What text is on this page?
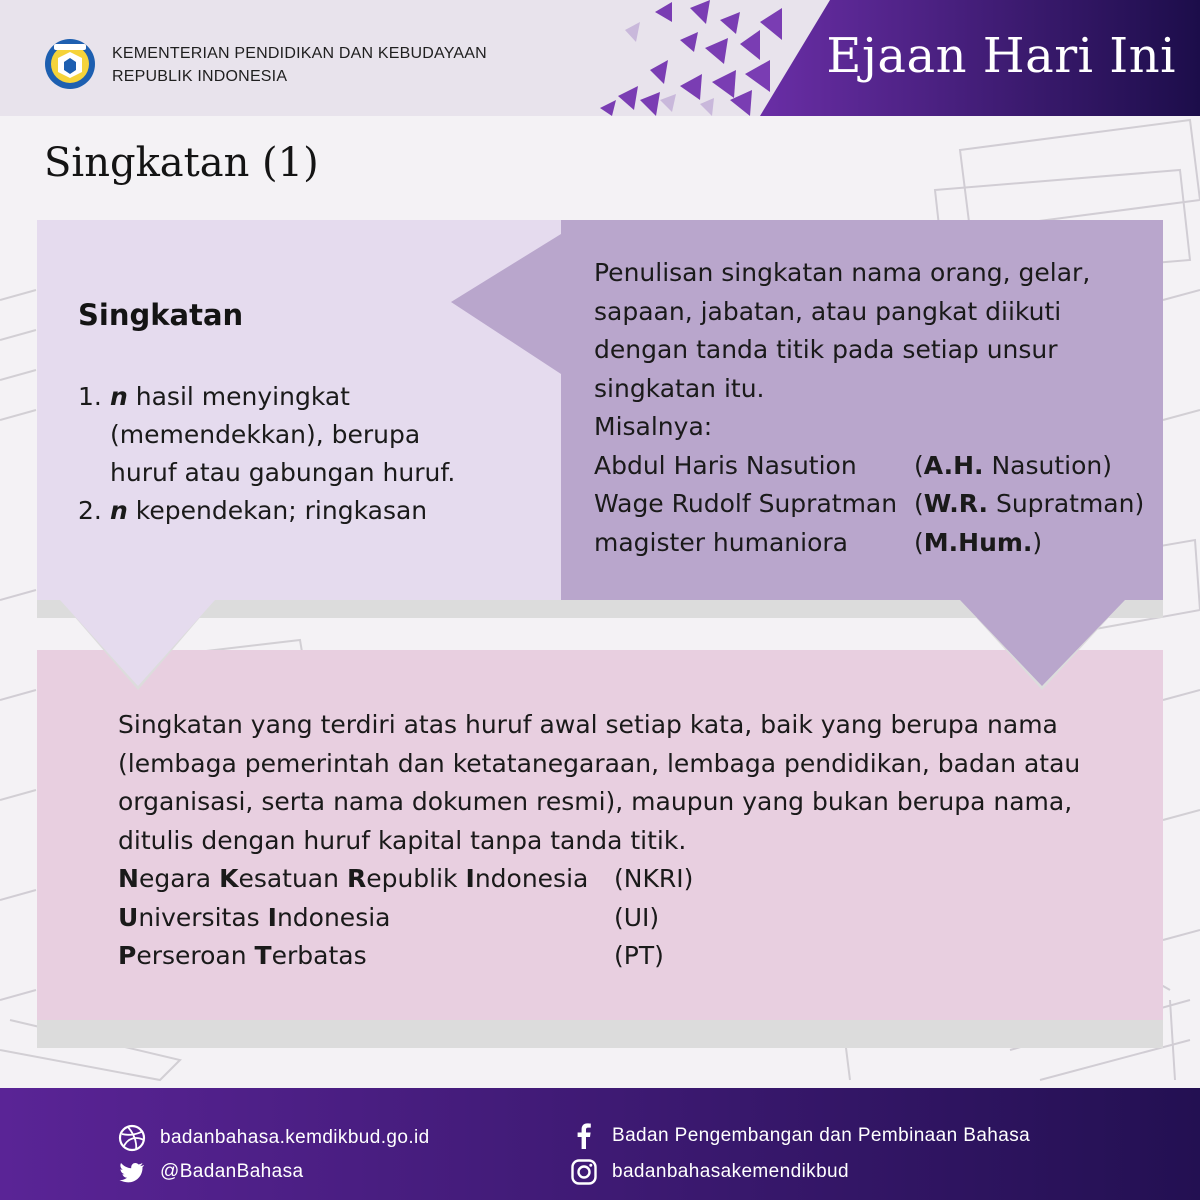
KEMENTERIAN PENDIDIKAN DAN KEBUDAYAAN
REPUBLIK INDONESIA	Ejaan Hari Ini
Singkatan (1)
Singkatan
1. n hasil menyingkat (memendekkan), berupa huruf atau gabungan huruf.
2. n kependekan; ringkasan

Penulisan singkatan nama orang, gelar, sapaan, jabatan, atau pangkat diikuti dengan tanda titik pada setiap unsur singkatan itu.

Misalnya:

Abdul Haris Nasution	(A.H. Nasution)
Wage Rudolf Supratman (W.R. Supratman)
magister humaniora	(M.Hum.)

Singkatan yang terdiri atas huruf awal setiap kata, baik yang berupa nama (lembaga pemerintah dan ketatanegaraan, lembaga pendidikan, badan atau organisasi, serta nama dokumen resmi), maupun yang bukan berupa nama, ditulis dengan huruf kapital tanpa tanda titik.

Negara Kesatuan Republik Indonesia	(NKRI)
Universitas Indonesia	(UI)
Perseroan Terbatas	(PT)
badanbahasa.kemdikbud.go.id
@BadanBahasa
Badan Pengembangan dan Pembinaan Bahasa
badanbahasakemendikbud
